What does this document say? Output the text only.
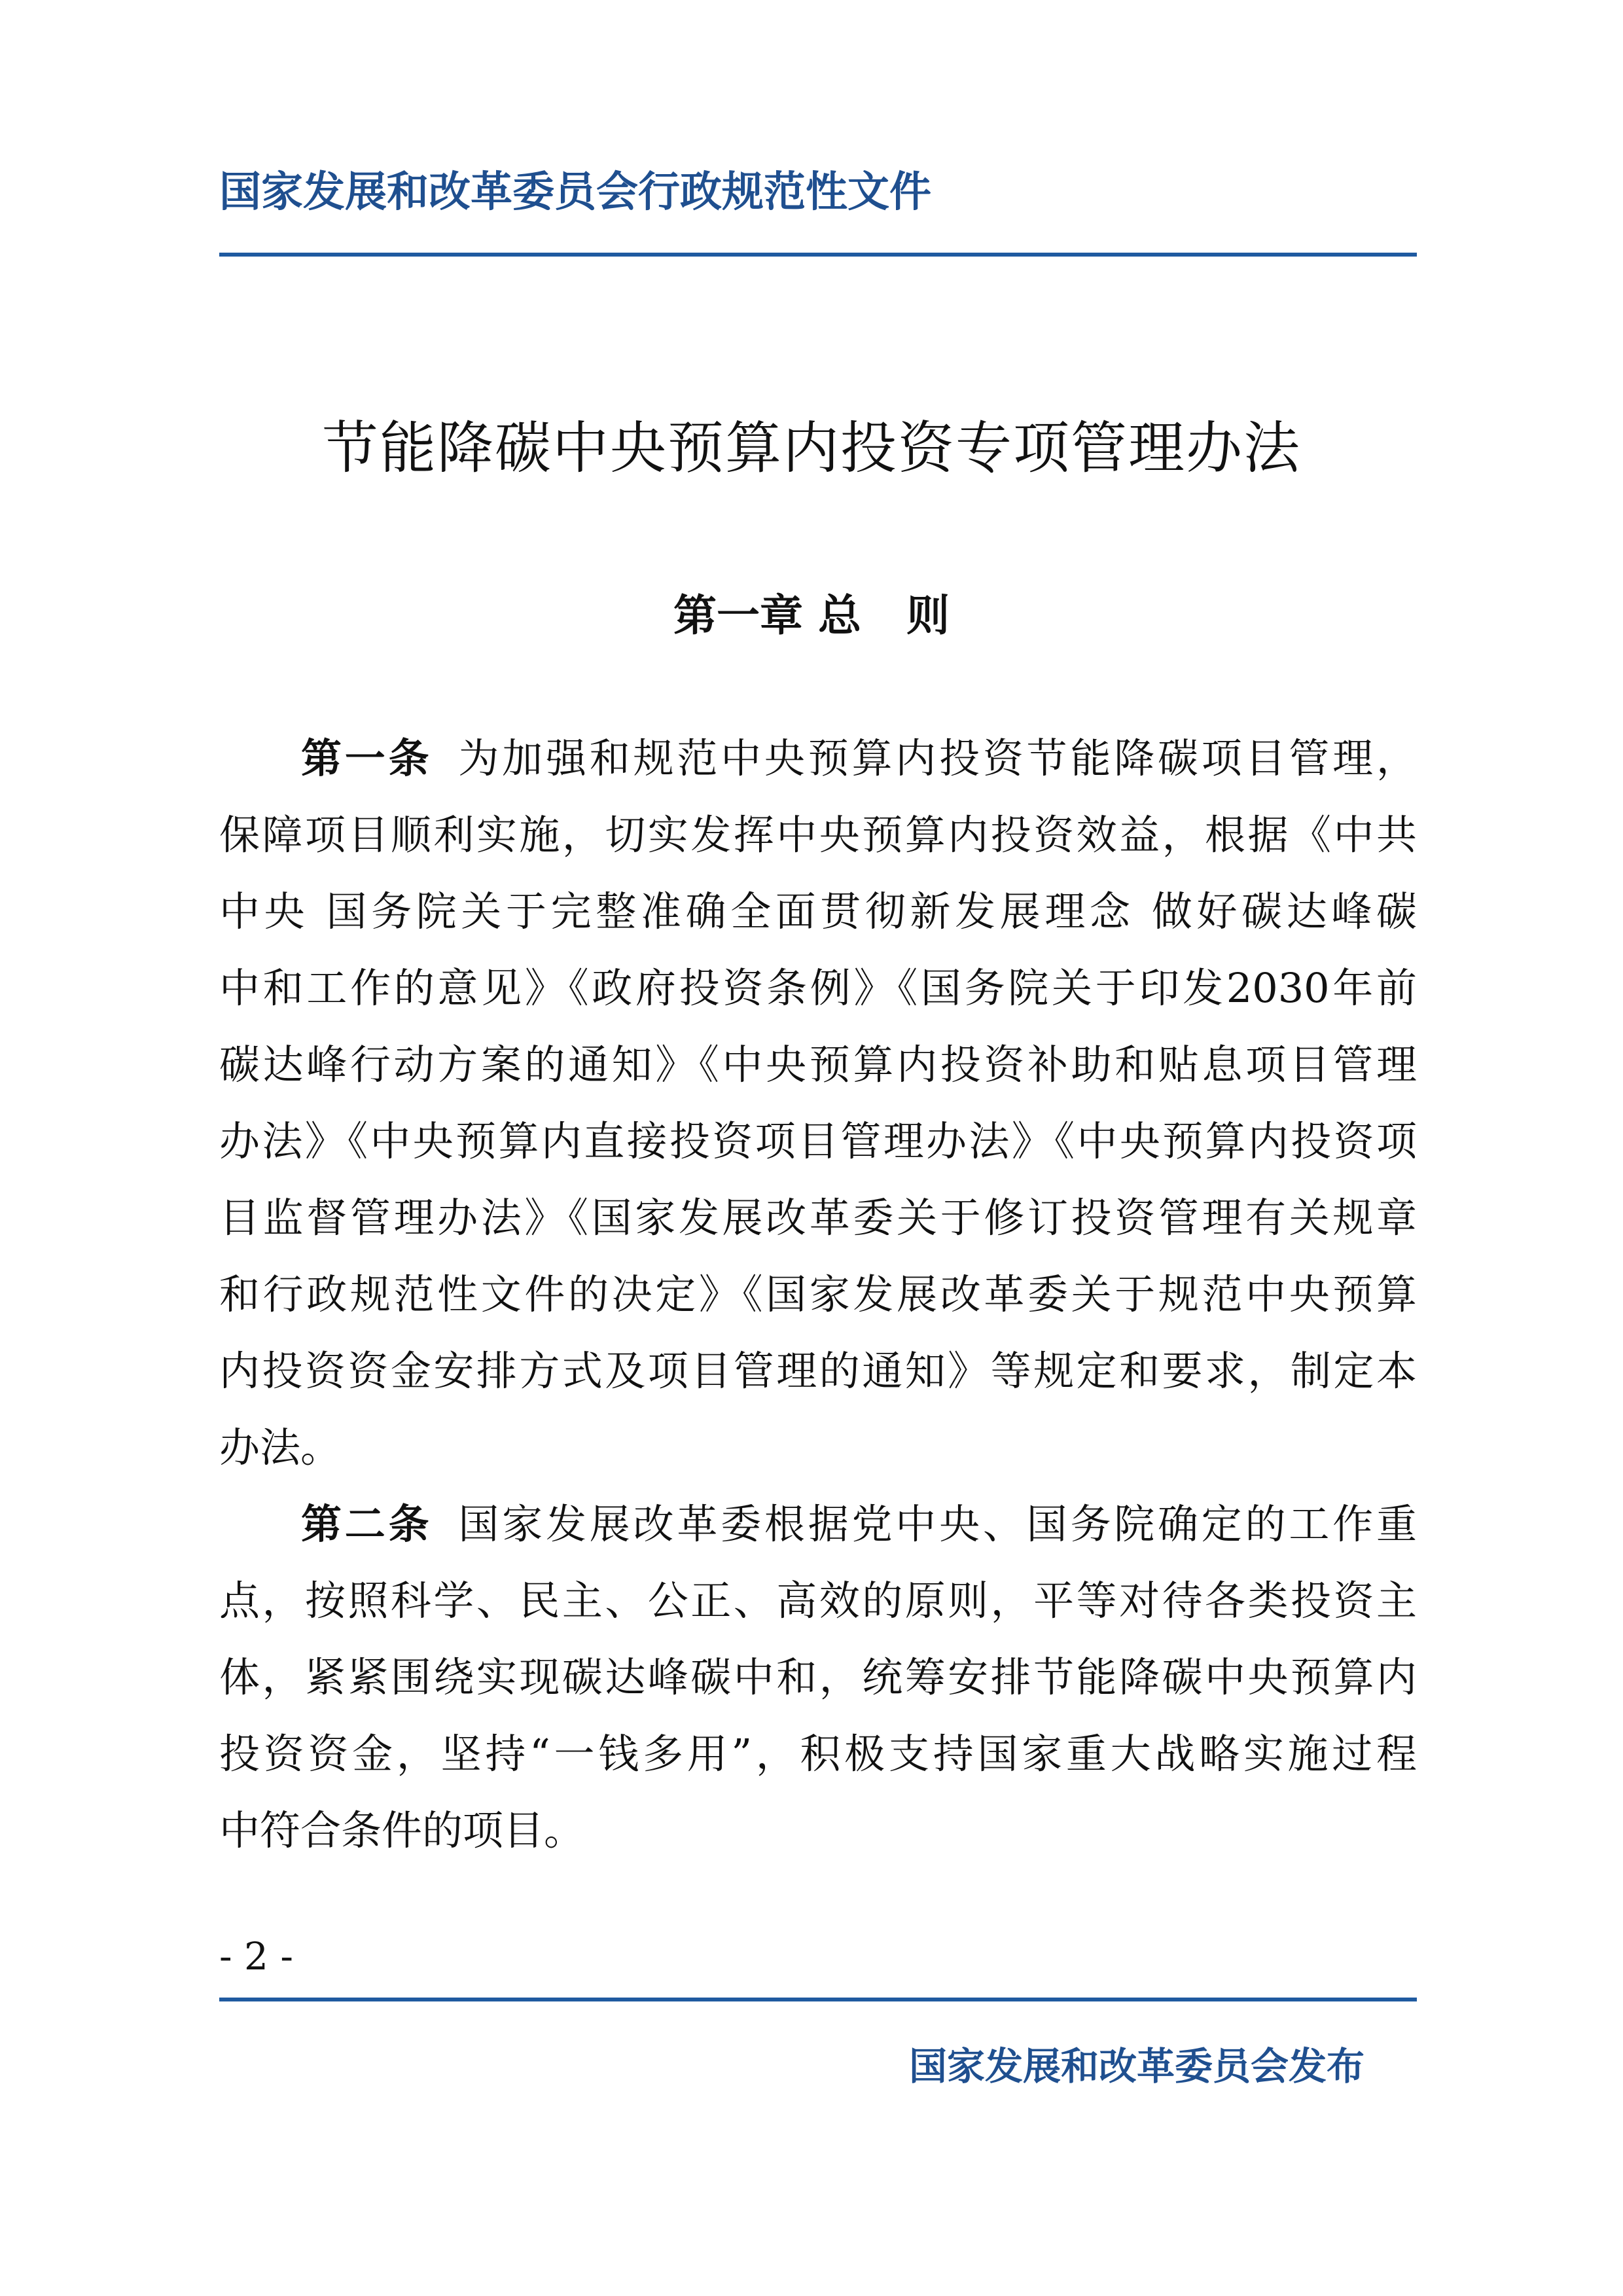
国家发展和改革委员会行政规范性文件
节能降碳中央预算内投资专项管理办法
第一章 总   则
第一条 为加强和规范中央预算内投资节能降碳项目管理，
保障项目顺利实施，切实发挥中央预算内投资效益，根据《中共
中央 国务院关于完整准确全面贯彻新发展理念 做好碳达峰碳
中和工作的意见》《政府投资条例》《国务院关于印发2030年前
碳达峰行动方案的通知》《中央预算内投资补助和贴息项目管理
办法》《中央预算内直接投资项目管理办法》《中央预算内投资项
目监督管理办法》《国家发展改革委关于修订投资管理有关规章
和行政规范性文件的决定》《国家发展改革委关于规范中央预算
内投资资金安排方式及项目管理的通知》等规定和要求，制定本
办法。
第二条 国家发展改革委根据党中央、国务院确定的工作重
点，按照科学、民主、公正、高效的原则，平等对待各类投资主
体，紧紧围绕实现碳达峰碳中和，统筹安排节能降碳中央预算内
投资资金，坚持“一钱多用”，积极支持国家重大战略实施过程
中符合条件的项目。
- 2 -
国家发展和改革委员会发布
